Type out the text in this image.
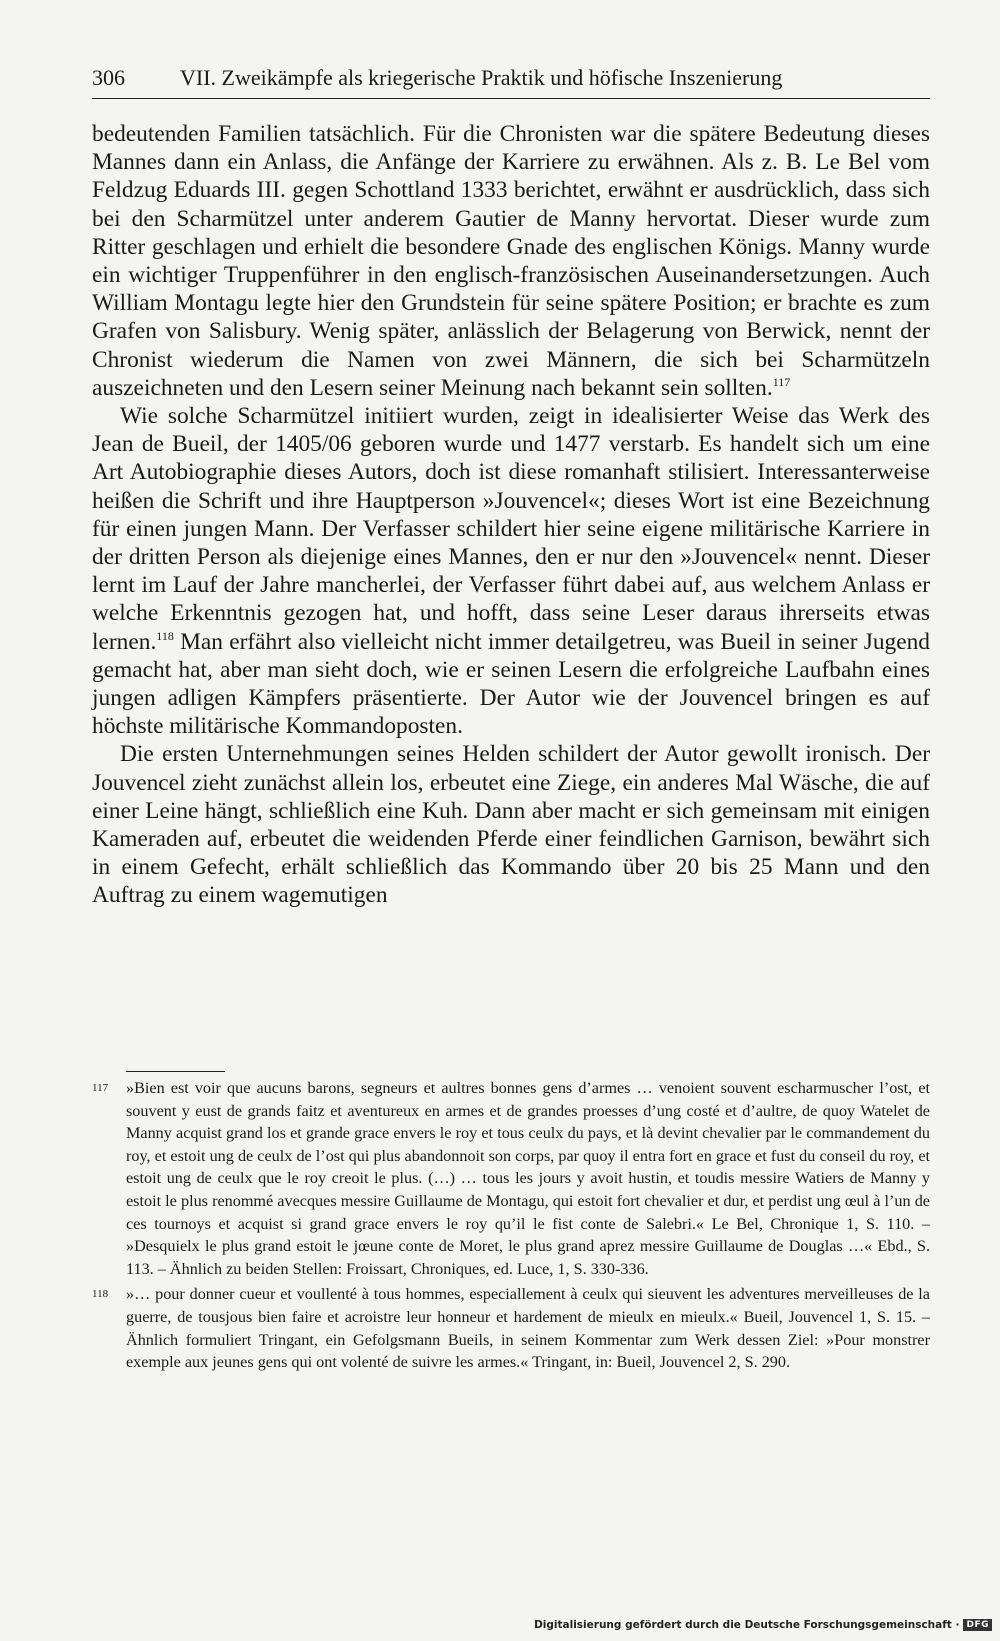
306	VII. Zweikämpfe als kriegerische Praktik und höfische Inszenierung

bedeutenden Familien tatsächlich. Für die Chronisten war die spätere Bedeutung dieses Mannes dann ein Anlass, die Anfänge der Karriere zu erwähnen. Als z. B. Le Bel vom Feldzug Eduards III. gegen Schottland 1333 berichtet, erwähnt er ausdrücklich, dass sich bei den Scharmützel unter anderem Gautier de Manny hervortat. Dieser wurde zum Ritter geschlagen und erhielt die besondere Gnade des englischen Königs. Manny wurde ein wichtiger Truppenführer in den englisch-französischen Auseinandersetzungen. Auch William Montagu legte hier den Grundstein für seine spätere Position; er brachte es zum Grafen von Salisbury. Wenig später, anlässlich der Belagerung von Berwick, nennt der Chronist wiederum die Namen von zwei Männern, die sich bei Scharmützeln auszeichneten und den Lesern seiner Meinung nach bekannt sein sollten.$^{117}$

Wie solche Scharmützel initiiert wurden, zeigt in idealisierter Weise das Werk des Jean de Bueil, der 1405/06 geboren wurde und 1477 verstarb. Es handelt sich um eine Art Autobiographie dieses Autors, doch ist diese romanhaft stilisiert. Interessanterweise heißen die Schrift und ihre Hauptperson »Jouvencel«; dieses Wort ist eine Bezeichnung für einen jungen Mann. Der Verfasser schildert hier seine eigene militärische Karriere in der dritten Person als diejenige eines Mannes, den er nur den »Jouvencel« nennt. Dieser lernt im Lauf der Jahre mancherlei, der Verfasser führt dabei auf, aus welchem Anlass er welche Erkenntnis gezogen hat, und hofft, dass seine Leser daraus ihrerseits etwas lernen.$^{118}$ Man erfährt also vielleicht nicht immer detailgetreu, was Bueil in seiner Jugend gemacht hat, aber man sieht doch, wie er seinen Lesern die erfolgreiche Laufbahn eines jungen adligen Kämpfers präsentierte. Der Autor wie der Jouvencel bringen es auf höchste militärische Kommandoposten.

Die ersten Unternehmungen seines Helden schildert der Autor gewollt ironisch. Der Jouvencel zieht zunächst allein los, erbeutet eine Ziege, ein anderes Mal Wäsche, die auf einer Leine hängt, schließlich eine Kuh. Dann aber macht er sich gemeinsam mit einigen Kameraden auf, erbeutet die weidenden Pferde einer feindlichen Garnison, bewährt sich in einem Gefecht, erhält schließlich das Kommando über 20 bis 25 Mann und den Auftrag zu einem wagemutigen

117	»Bien est voir que aucuns barons, segneurs et aultres bonnes gens d’armes … venoient souvent escharmuscher l’ost, et souvent y eust de grands faitz et aventureux en armes et de grandes proesses d’ung costé et d’aultre, de quoy Watelet de Manny acquist grand los et grande grace envers le roy et tous ceulx du pays, et là devint chevalier par le commandement du roy, et estoit ung de ceulx de l’ost qui plus abandonnoit son corps, par quoy il entra fort en grace et fust du conseil du roy, et estoit ung de ceulx que le roy creoit le plus. (…) … tous les jours y avoit hustin, et toudis messire Watiers de Manny y estoit le plus renommé avecques messire Guillaume de Montagu, qui estoit fort chevalier et dur, et perdist ung œul à l’un de ces tournoys et acquist si grand grace envers le roy qu’il le fist conte de Salebri.« Le Bel, Chronique 1, S. 110. – »Desquielx le plus grand estoit le jœune conte de Moret, le plus grand aprez messire Guillaume de Douglas …« Ebd., S. 113. – Ähnlich zu beiden Stellen: Froissart, Chroniques, ed. Luce, 1, S. 330-336.
118	»… pour donner cueur et voullenté à tous hommes, especiallement à ceulx qui sieuvent les adventures merveilleuses de la guerre, de tousjous bien faire et acroistre leur honneur et hardement de mieulx en mieulx.« Bueil, Jouvencel 1, S. 15. – Ähnlich formuliert Tringant, ein Gefolgsmann Bueils, in seinem Kommentar zum Werk dessen Ziel: »Pour monstrer exemple aux jeunes gens qui ont volenté de suivre les armes.« Tringant, in: Bueil, Jouvencel 2, S. 290.
Digitalisierung gefördert durch die Deutsche Forschungsgemeinschaft · DFG
